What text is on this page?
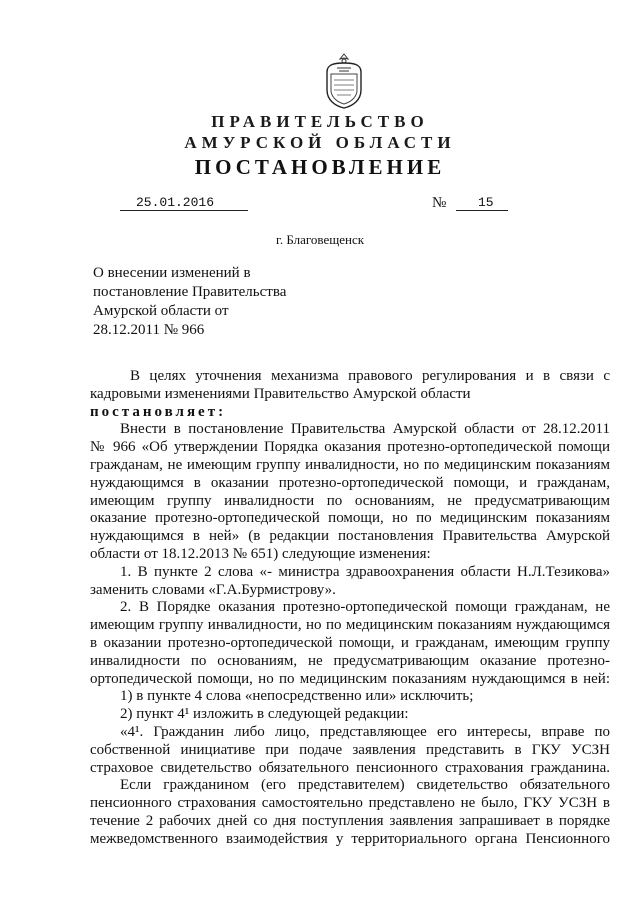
ПРАВИТЕЛЬСТВО
АМУРСКОЙ ОБЛАСТИ
ПОСТАНОВЛЕНИЕ
25.01.2016	№	15
г. Благовещенск
О внесении изменений в
постановление Правительства
Амурской области от
28.12.2011 № 966
В целях уточнения механизма правового регулирования и в связи с
кадровыми изменениями Правительство Амурской области
постановляет:
Внести в постановление Правительства Амурской области от 28.12.2011
№ 966 «Об утверждении Порядка оказания протезно-ортопедической помощи
гражданам, не имеющим группу инвалидности, но по медицинским показаниям
нуждающимся в оказании протезно-ортопедической помощи, и гражданам,
имеющим группу инвалидности по основаниям, не предусматривающим
оказание протезно-ортопедической помощи, но по медицинским показаниям
нуждающимся в ней» (в редакции постановления Правительства Амурской
области от 18.12.2013 № 651) следующие изменения:
1. В пункте 2 слова «- министра здравоохранения области Н.Л.Тезикова»
заменить словами «Г.А.Бурмистрову».
2. В Порядке оказания протезно-ортопедической помощи гражданам, не
имеющим группу инвалидности, но по медицинским показаниям нуждающимся
в оказании протезно-ортопедической помощи, и гражданам, имеющим группу
инвалидности по основаниям, не предусматривающим оказание протезно-
ортопедической помощи, но по медицинским показаниям нуждающимся в ней:
1) в пункте 4 слова «непосредственно или» исключить;
2) пункт 4¹ изложить в следующей редакции:
«4¹. Гражданин либо лицо, представляющее его интересы, вправе по
собственной инициативе при подаче заявления представить в ГКУ УСЗН
страховое свидетельство обязательного пенсионного страхования гражданина.
Если гражданином (его представителем) свидетельство обязательного
пенсионного страхования самостоятельно представлено не было, ГКУ УСЗН в
течение 2 рабочих дней со дня поступления заявления запрашивает в порядке
межведомственного взаимодействия у территориального органа Пенсионного
